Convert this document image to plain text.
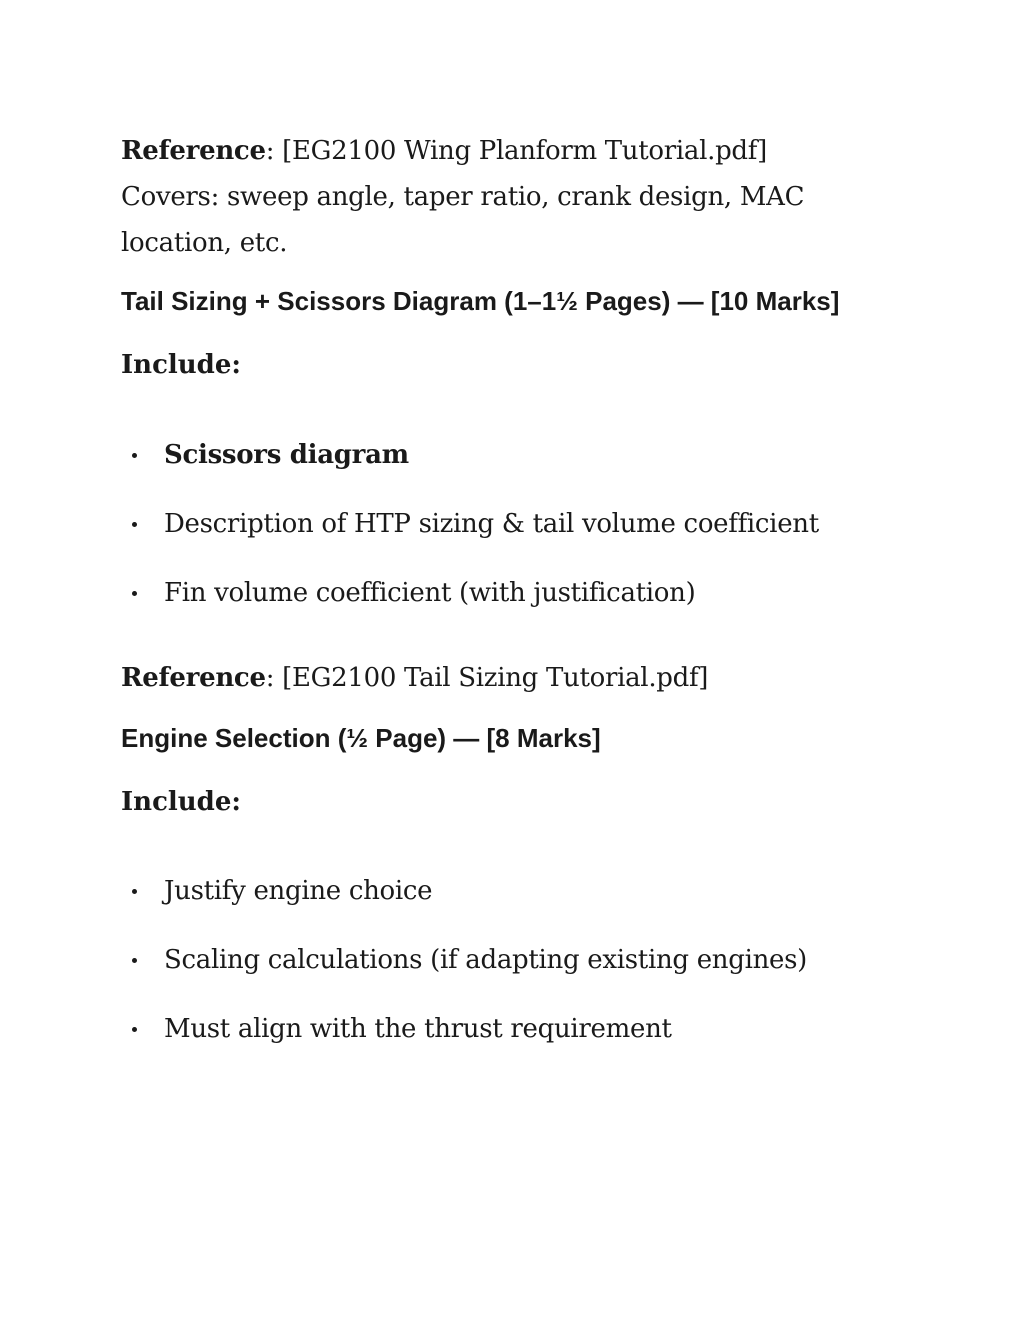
Reference: [EG2100 Wing Planform Tutorial.pdf]
Covers: sweep angle, taper ratio, crank design, MAC location, etc.

Tail Sizing + Scissors Diagram (1–1½ Pages) — [10 Marks]

Include:

Scissors diagram
Description of HTP sizing & tail volume coefficient
Fin volume coefficient (with justification)

Reference: [EG2100 Tail Sizing Tutorial.pdf]

Engine Selection (½ Page) — [8 Marks]

Include:

Justify engine choice
Scaling calculations (if adapting existing engines)
Must align with the thrust requirement
